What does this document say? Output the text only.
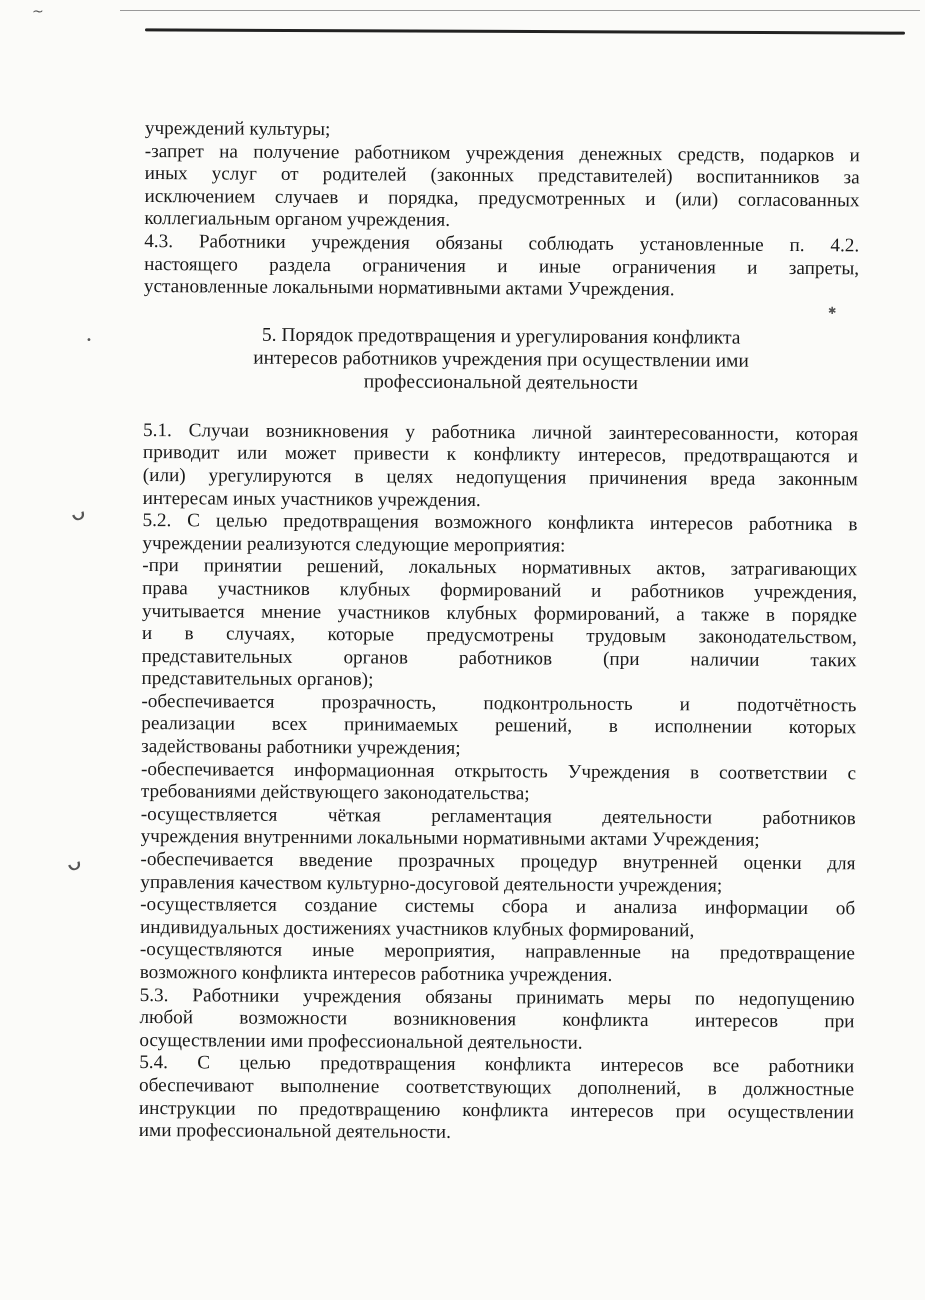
~
•
ᴗ
ᴗ
✱
учреждений культуры;
-запрет на получение работником учреждения денежных средств, подарков и
иных услуг от родителей (законных представителей) воспитанников за
исключением случаев и порядка, предусмотренных и (или) согласованных
коллегиальным органом учреждения.
4.3. Работники учреждения обязаны соблюдать установленные п. 4.2.
настоящего раздела ограничения и иные ограничения и запреты,
установленные локальными нормативными актами Учреждения.
5. Порядок предотвращения и урегулирования конфликта
интересов работников учреждения при осуществлении ими
профессиональной деятельности
5.1. Случаи возникновения у работника личной заинтересованности, которая
приводит или может привести к конфликту интересов, предотвращаются и
(или) урегулируются в целях недопущения причинения вреда законным
интересам иных участников учреждения.
5.2. С целью предотвращения возможного конфликта интересов работника в
учреждении реализуются следующие мероприятия:
-при принятии решений, локальных нормативных актов, затрагивающих
права участников клубных формирований и работников учреждения,
учитывается мнение участников клубных формирований, а также в порядке
и в случаях, которые предусмотрены трудовым законодательством,
представительных органов работников (при наличии таких
представительных органов);
-обеспечивается прозрачность, подконтрольность и подотчётность
реализации всех принимаемых решений, в исполнении которых
задействованы работники учреждения;
-обеспечивается информационная открытость Учреждения в соответствии с
требованиями действующего законодательства;
-осуществляется чёткая регламентация деятельности работников
учреждения внутренними локальными нормативными актами Учреждения;
-обеспечивается введение прозрачных процедур внутренней оценки для
управления качеством культурно-досуговой деятельности учреждения;
-осуществляется создание системы сбора и анализа информации об
индивидуальных достижениях участников клубных формирований,
-осуществляются иные мероприятия, направленные на предотвращение
возможного конфликта интересов работника учреждения.
5.3. Работники учреждения обязаны принимать меры по недопущению
любой возможности возникновения конфликта интересов при
осуществлении ими профессиональной деятельности.
5.4. С целью предотвращения конфликта интересов все работники
обеспечивают выполнение соответствующих дополнений, в должностные
инструкции по предотвращению конфликта интересов при осуществлении
ими профессиональной деятельности.
